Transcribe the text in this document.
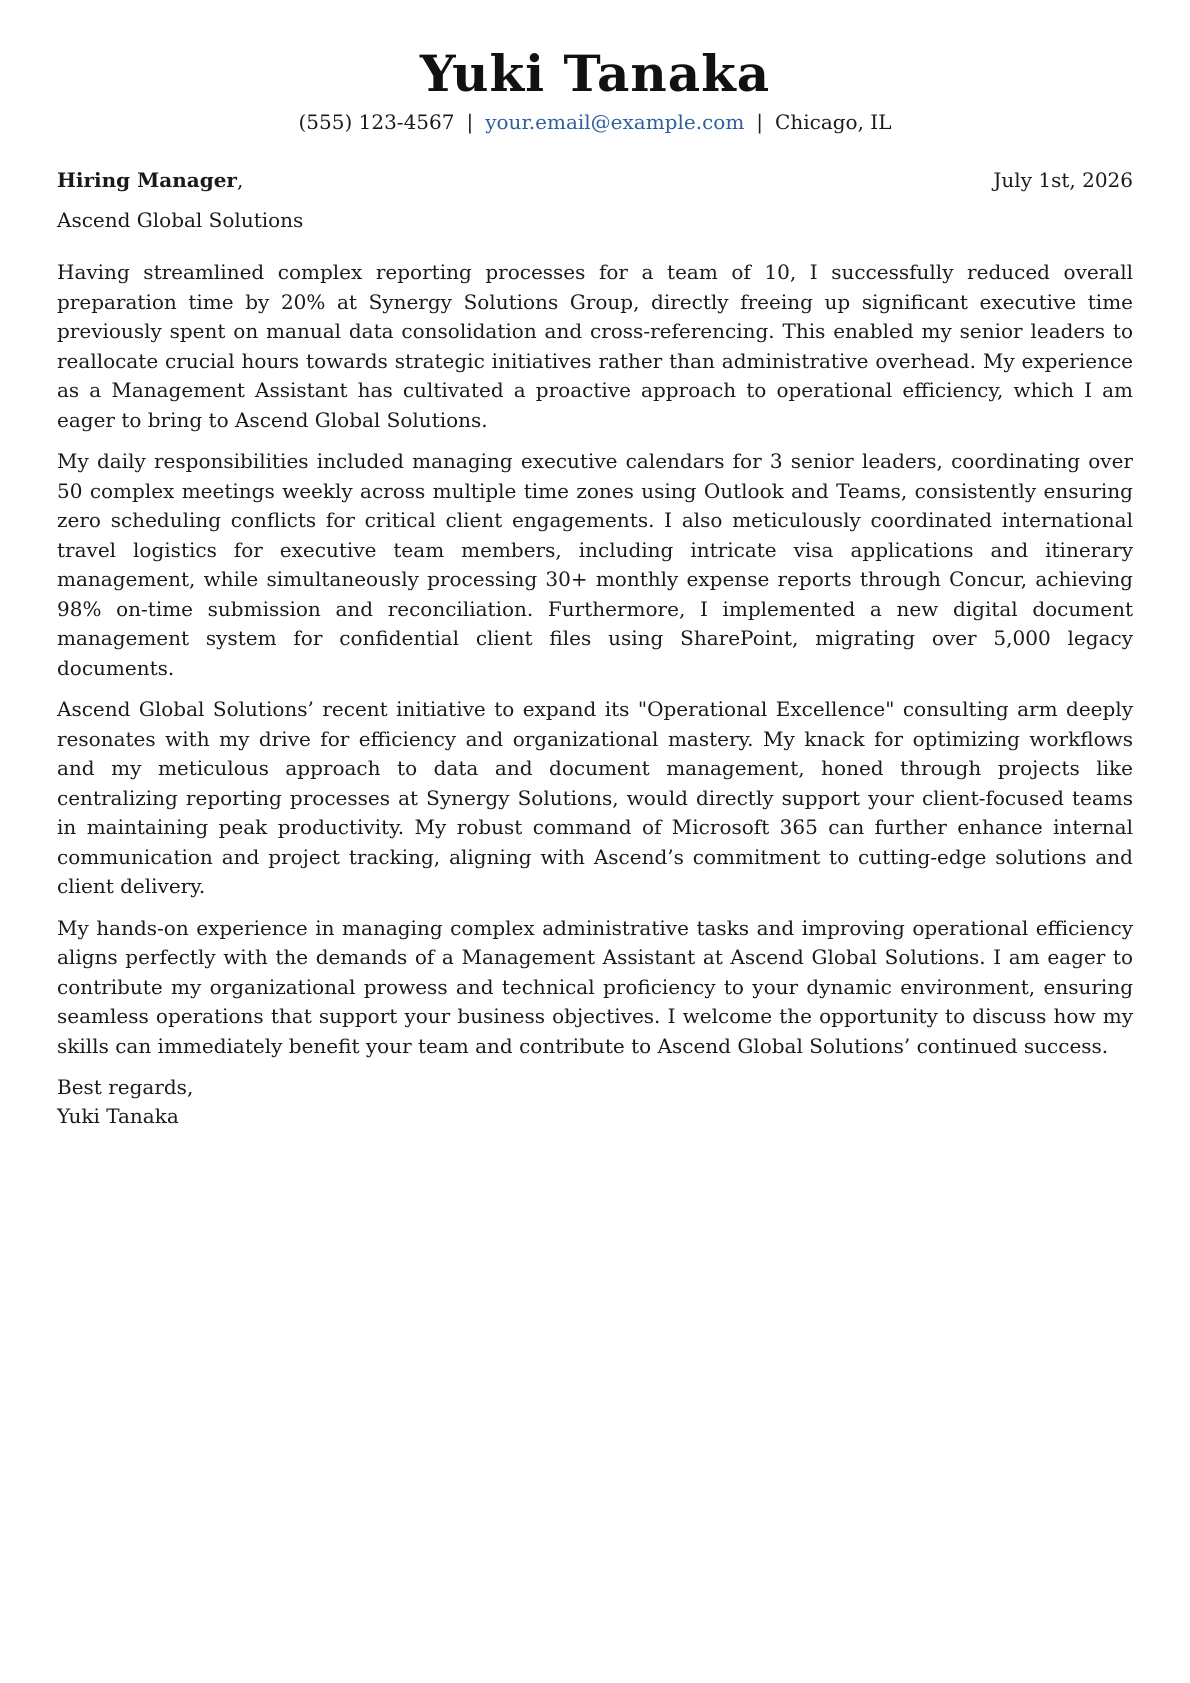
Yuki Tanaka
(555) 123-4567 | your.email@example.com | Chicago, IL
Hiring Manager,	July 1st, 2026
Ascend Global Solutions

Having streamlined complex reporting processes for a team of 10, I successfully reduced overall preparation time by 20% at Synergy Solutions Group, directly freeing up significant executive time previously spent on manual data consolidation and cross-referencing. This enabled my senior leaders to reallocate crucial hours towards strategic initiatives rather than administrative overhead. My experience as a Management Assistant has cultivated a proactive approach to operational efficiency, which I am eager to bring to Ascend Global Solutions.

My daily responsibilities included managing executive calendars for 3 senior leaders, coordinating over 50 complex meetings weekly across multiple time zones using Outlook and Teams, consistently ensuring zero scheduling conflicts for critical client engagements. I also meticulously coordinated international travel logistics for executive team members, including intricate visa applications and itinerary management, while simultaneously processing 30+ monthly expense reports through Concur, achieving 98% on-time submission and reconciliation. Furthermore, I implemented a new digital document management system for confidential client files using SharePoint, migrating over 5,000 legacy documents.

Ascend Global Solutions’ recent initiative to expand its "Operational Excellence" consulting arm deeply resonates with my drive for efficiency and organizational mastery. My knack for optimizing workflows and my meticulous approach to data and document management, honed through projects like centralizing reporting processes at Synergy Solutions, would directly support your client-focused teams in maintaining peak productivity. My robust command of Microsoft 365 can further enhance internal communication and project tracking, aligning with Ascend’s commitment to cutting-edge solutions and client delivery.

My hands-on experience in managing complex administrative tasks and improving operational efficiency aligns perfectly with the demands of a Management Assistant at Ascend Global Solutions. I am eager to contribute my organizational prowess and technical proficiency to your dynamic environment, ensuring seamless operations that support your business objectives. I welcome the opportunity to discuss how my skills can immediately benefit your team and contribute to Ascend Global Solutions’ continued success.

Best regards,
Yuki Tanaka
